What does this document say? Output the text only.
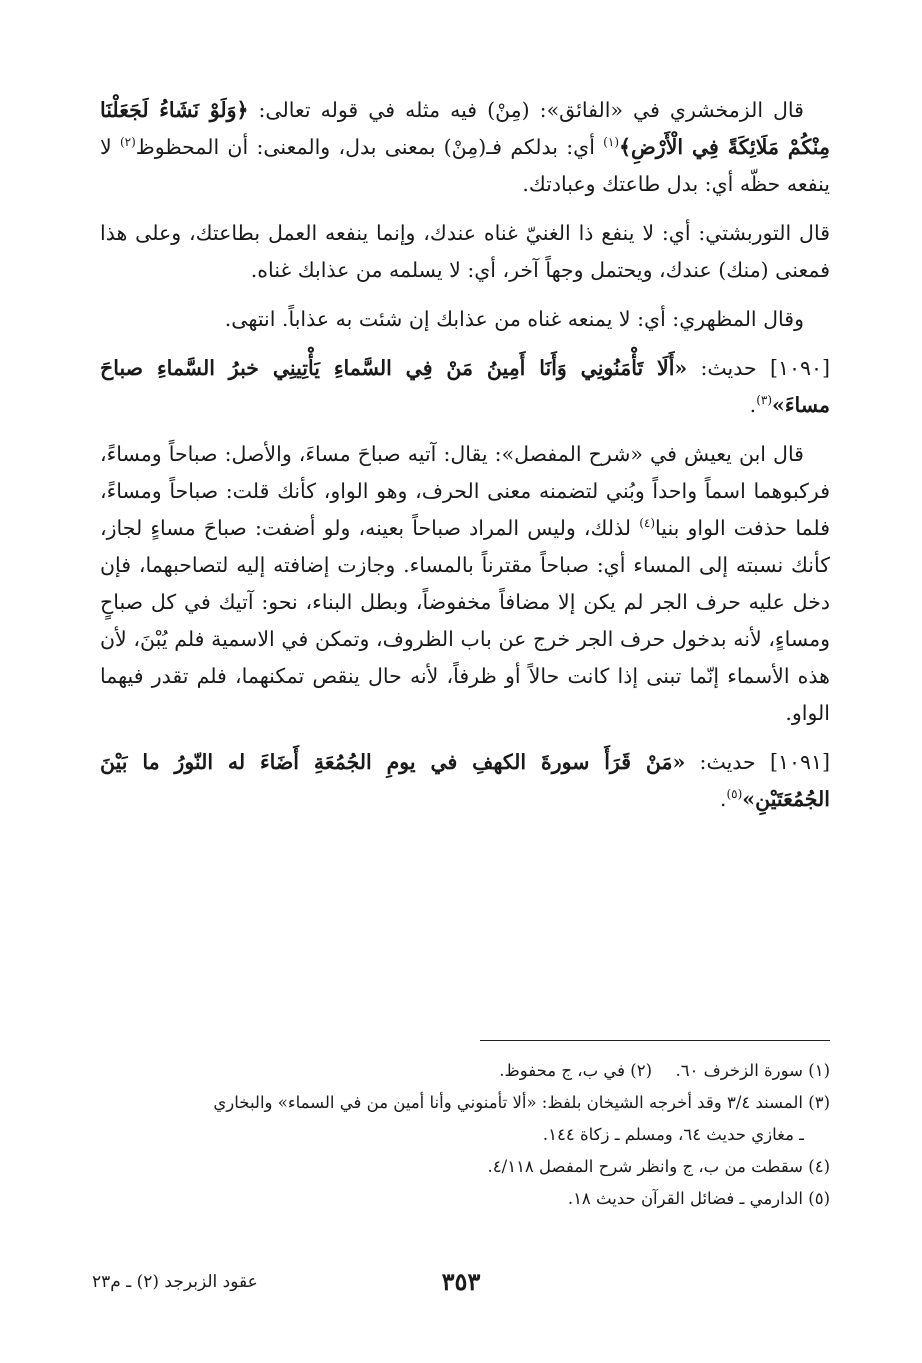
قال الزمخشري في «الفائق»: (مِنْ) فيه مثله في قوله تعالى: ﴿وَلَوْ نَشَاءُ لَجَعَلْنَا مِنْكُمْ مَلَائِكَةً فِي الْأَرْضِ﴾$^{(١)}$ أي: بدلكم فـ(مِنْ) بمعنى بدل، والمعنى: أن المحظوظ$^{(٢)}$ لا ينفعه حظّه أي: بدل طاعتك وعبادتك.

قال التوربشتي: أي: لا ينفع ذا الغنيّ غناه عندك، وإنما ينفعه العمل بطاعتك، وعلى هذا فمعنى (منك) عندك، ويحتمل وجهاً آخر، أي: لا يسلمه من عذابك غناه.

وقال المظهري: أي: لا يمنعه غناه من عذابك إن شئت به عذاباً. انتهى.

[١٠٩٠] حديث: «أَلَا تَأْمَنُونِي وَأَنَا أَمِينُ مَنْ فِي السَّماءِ يَأْتِينِي خبرُ السَّماءِ صباحَ مساءَ»$^{(٣)}$.

قال ابن يعيش في «شرح المفصل»: يقال: آتيه صباحَ مساءَ، والأصل: صباحاً ومساءً، فركبوهما اسماً واحداً وبُني لتضمنه معنى الحرف، وهو الواو، كأنك قلت: صباحاً ومساءً، فلما حذفت الواو بنيا$^{(٤)}$ لذلك، وليس المراد صباحاً بعينه، ولو أضفت: صباحَ مساءٍ لجاز، كأنك نسبته إلى المساء أي: صباحاً مقترناً بالمساء. وجازت إضافته إليه لتصاحبهما، فإن دخل عليه حرف الجر لم يكن إلا مضافاً مخفوضاً، وبطل البناء، نحو: آتيك في كل صباحٍ ومساءٍ، لأنه بدخول حرف الجر خرج عن باب الظروف، وتمكن في الاسمية فلم يُبْنَ، لأن هذه الأسماء إنّما تبنى إذا كانت حالاً أو ظرفاً، لأنه حال ينقص تمكنهما، فلم تقدر فيهما الواو.

[١٠٩١] حديث: «مَنْ قَرَأَ سورةَ الكهفِ في يومِ الجُمُعَةِ أَضَاءَ له النّورُ ما بَيْنَ الجُمُعَتَيْنِ»$^{(٥)}$.

(١) سورة الزخرف ٦٠.

(٢) في ب، ج محفوظ.

(٣) المسند ٣/٤ وقد أخرجه الشيخان بلفظ: «ألا تأمنوني وأنا أمين من في السماء» والبخاري

ـ مغازي حديث ٦٤، ومسلم ـ زكاة ١٤٤.

(٤) سقطت من ب، ج وانظر شرح المفصل ٤/١١٨.

(٥) الدارمي ـ فضائل القرآن حديث ١٨.

٣٥٣
عقود الزبرجد (٢) ـ م٢٣
